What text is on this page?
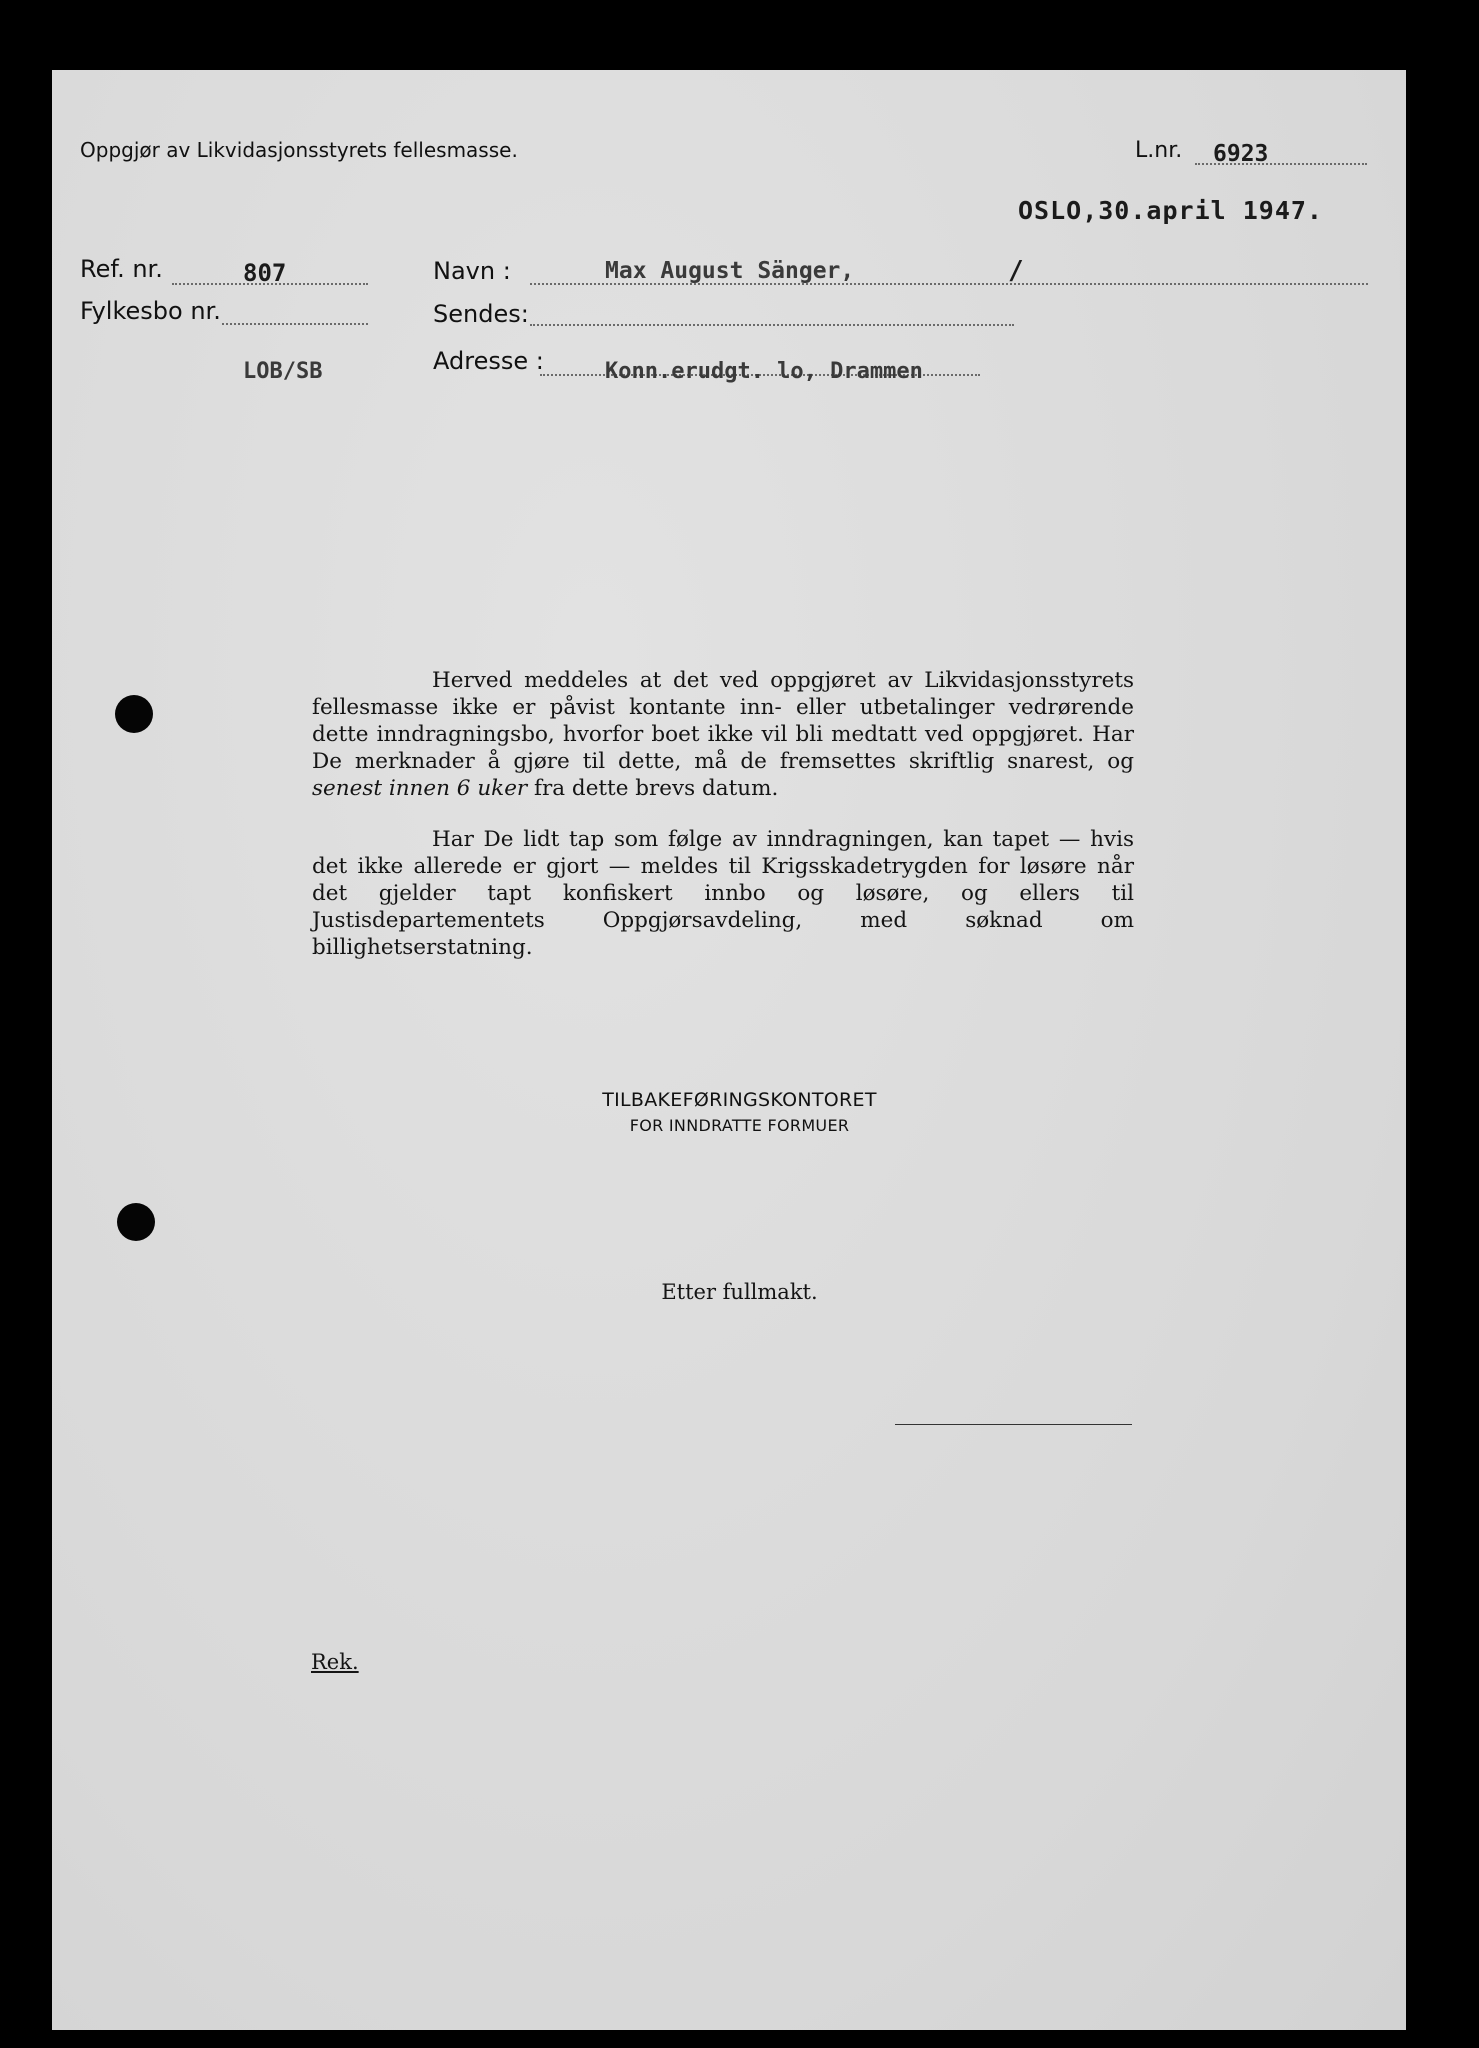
Oppgjør av Likvidasjonsstyrets fellesmasse.	L.nr. 6923
OSLO,30.april 1947.
Ref. nr.	807
Fylkesbo nr.
LOB/SB
Navn :	Max August Sänger,	/
Sendes:
Adresse :	Konn.erudgt. lo, Drammen

Herved meddeles at det ved oppgjøret av Likvidasjonsstyrets fellesmasse ikke er påvist kontante inn- eller utbetalinger vedrørende dette inndragningsbo, hvorfor boet ikke vil bli medtatt ved oppgjøret. Har De merknader å gjøre til dette, må de fremsettes skriftlig snarest, og senest innen 6 uker fra dette brevs datum.

Har De lidt tap som følge av inndragningen, kan tapet — hvis det ikke allerede er gjort — meldes til Krigsskadetrygden for løsøre når det gjelder tapt konfiskert innbo og løsøre, og ellers til Justisdepartementets Oppgjørsavdeling, med søknad om billighetserstatning.

TILBAKEFØRINGSKONTORET
FOR INNDRATTE FORMUER
Etter fullmakt.
Rek.
